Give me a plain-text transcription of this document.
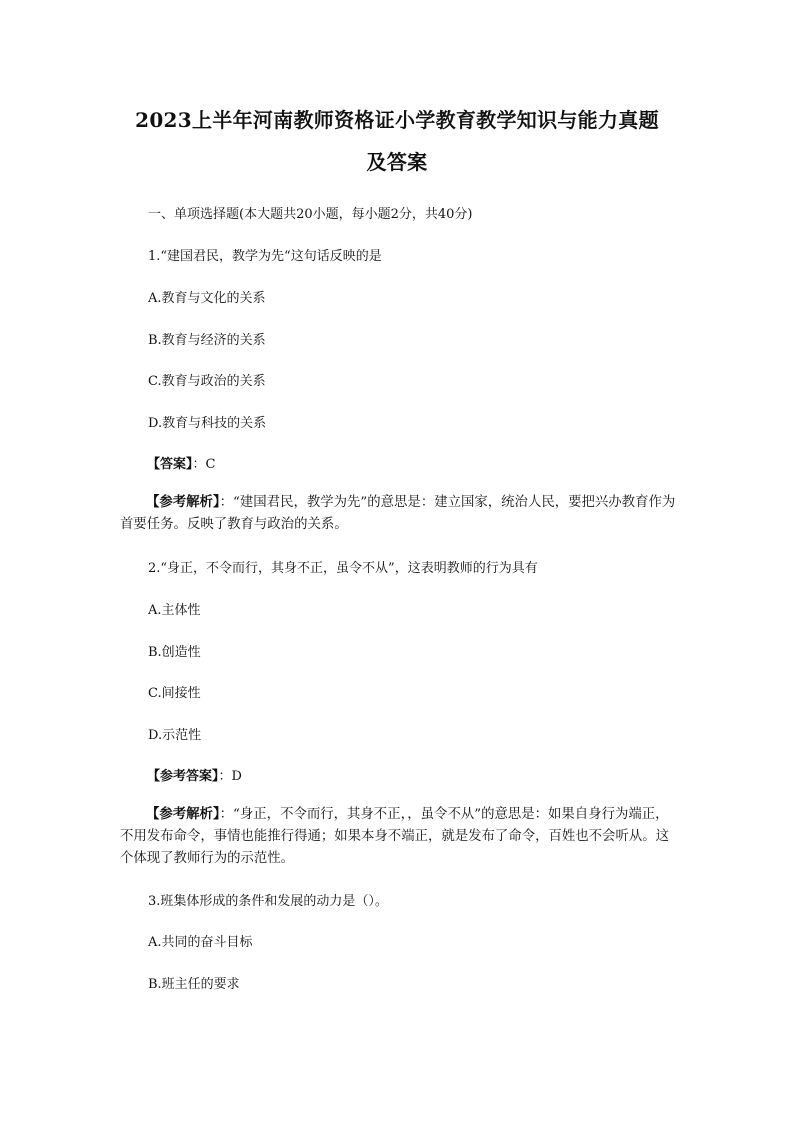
2023上半年河南教师资格证小学教育教学知识与能力真题
及答案
一、单项选择题(本大题共20小题，每小题2分，共40分)
1.“建国君民，教学为先“这句话反映的是
A.教育与文化的关系
B.教育与经济的关系
C.教育与政治的关系
D.教育与科技的关系
【答案】：C
【参考解析】：“建国君民，教学为先”的意思是：建立国家，统治人民，要把兴办教育作为首要任务。反映了教育与政治的关系。
2.“身正，不令而行，其身不正，虽令不从”，这表明教师的行为具有
A.主体性
B.创造性
C.间接性
D.示范性
【参考答案】：D
【参考解析】：“身正，不令而行，其身不正，，虽令不从”的意思是：如果自身行为端正，不用发布命令，事情也能推行得通；如果本身不端正，就是发布了命令，百姓也不会听从。这个体现了教师行为的示范性。
3.班集体形成的条件和发展的动力是（）。
A.共同的奋斗目标
B.班主任的要求
